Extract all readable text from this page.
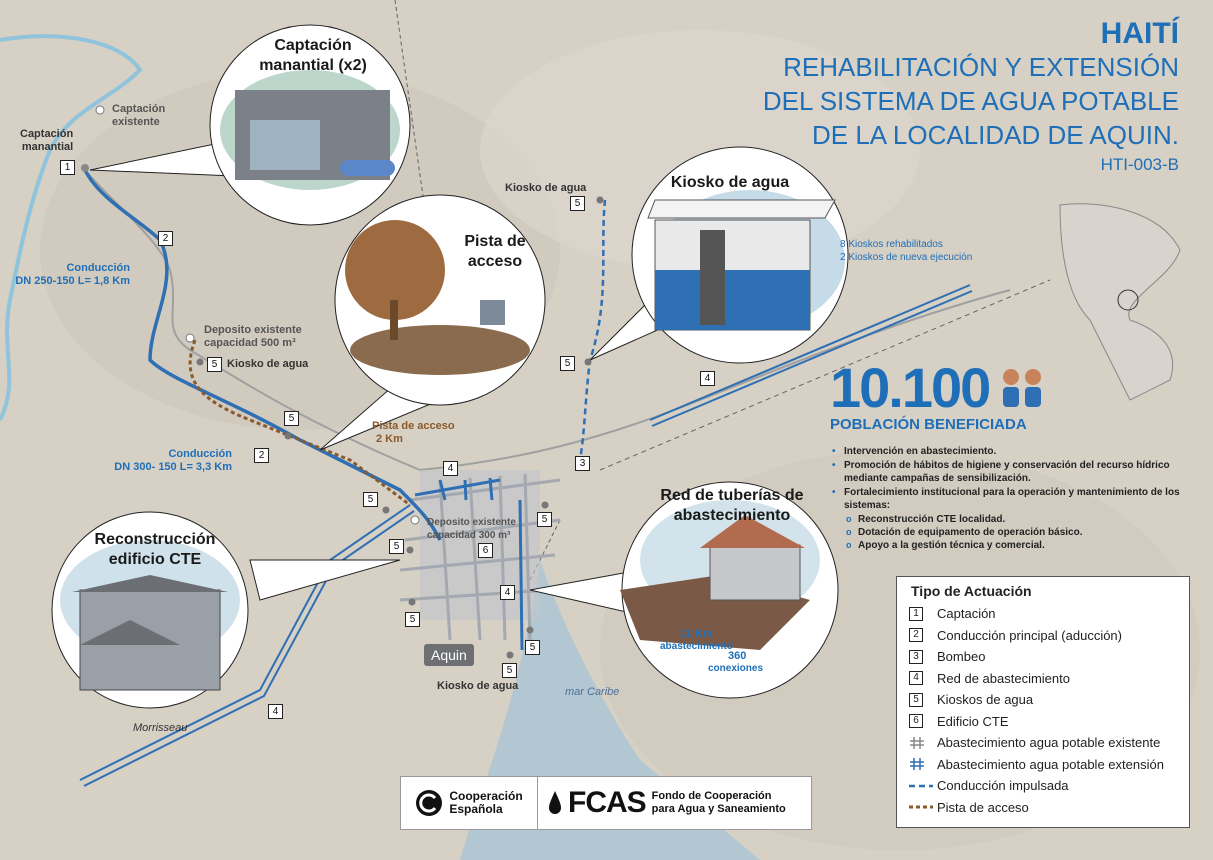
HAITÍ
REHABILITACIÓN Y EXTENSIÓN
DEL SISTEMA DE AGUA POTABLE
DE LA LOCALIDAD DE AQUIN.
HTI-003-B
Captación manantial (x2)
Pista de acceso
Kiosko de agua
Red de tuberías de abastecimiento
Reconstrucción edificio CTE
8 Kioskos rehabilitados
2 Kioskos de nueva ejecución
11 Km
abastecimiento
360
conexiones
Captación
existente
Captación
manantial
Conducción
DN 250-150 L= 1,8 Km
Deposito existente
capacidad 500 m³
Kiosko de agua
Kiosko de agua
Kiosko de agua
Pista de acceso
2 Km
Conducción
DN 300- 150 L= 3,3 Km
Deposito existente
capacidad 300 m³
Aquin
mar Caribe
Morrisseau
1
2
2
3
4
4
4
4
5
5
5
5
5
5
5
5
5
5
6
10.100
POBLACIÓN BENEFICIADA
• Intervención en abastecimiento.
• Promoción de hábitos de higiene y conservación del recurso hídrico mediante campañas de sensibilización.
• Fortalecimiento institucional para la operación y mantenimiento de los sistemas:
o Reconstrucción CTE localidad.
o Dotación de equipamento de operación básico.
o Apoyo a la gestión técnica y comercial.
Tipo de Actuación
1	Captación
2	Conducción principal (aducción)
3	Bombeo
4	Red de abastecimiento
5	Kioskos de agua
6	Edificio CTE
Abastecimiento agua potable existente
Abastecimiento agua potable extensión
Conducción impulsada
Pista de acceso
Cooperación
Española	FCAS Fondo de Cooperación
para Agua y Saneamiento
